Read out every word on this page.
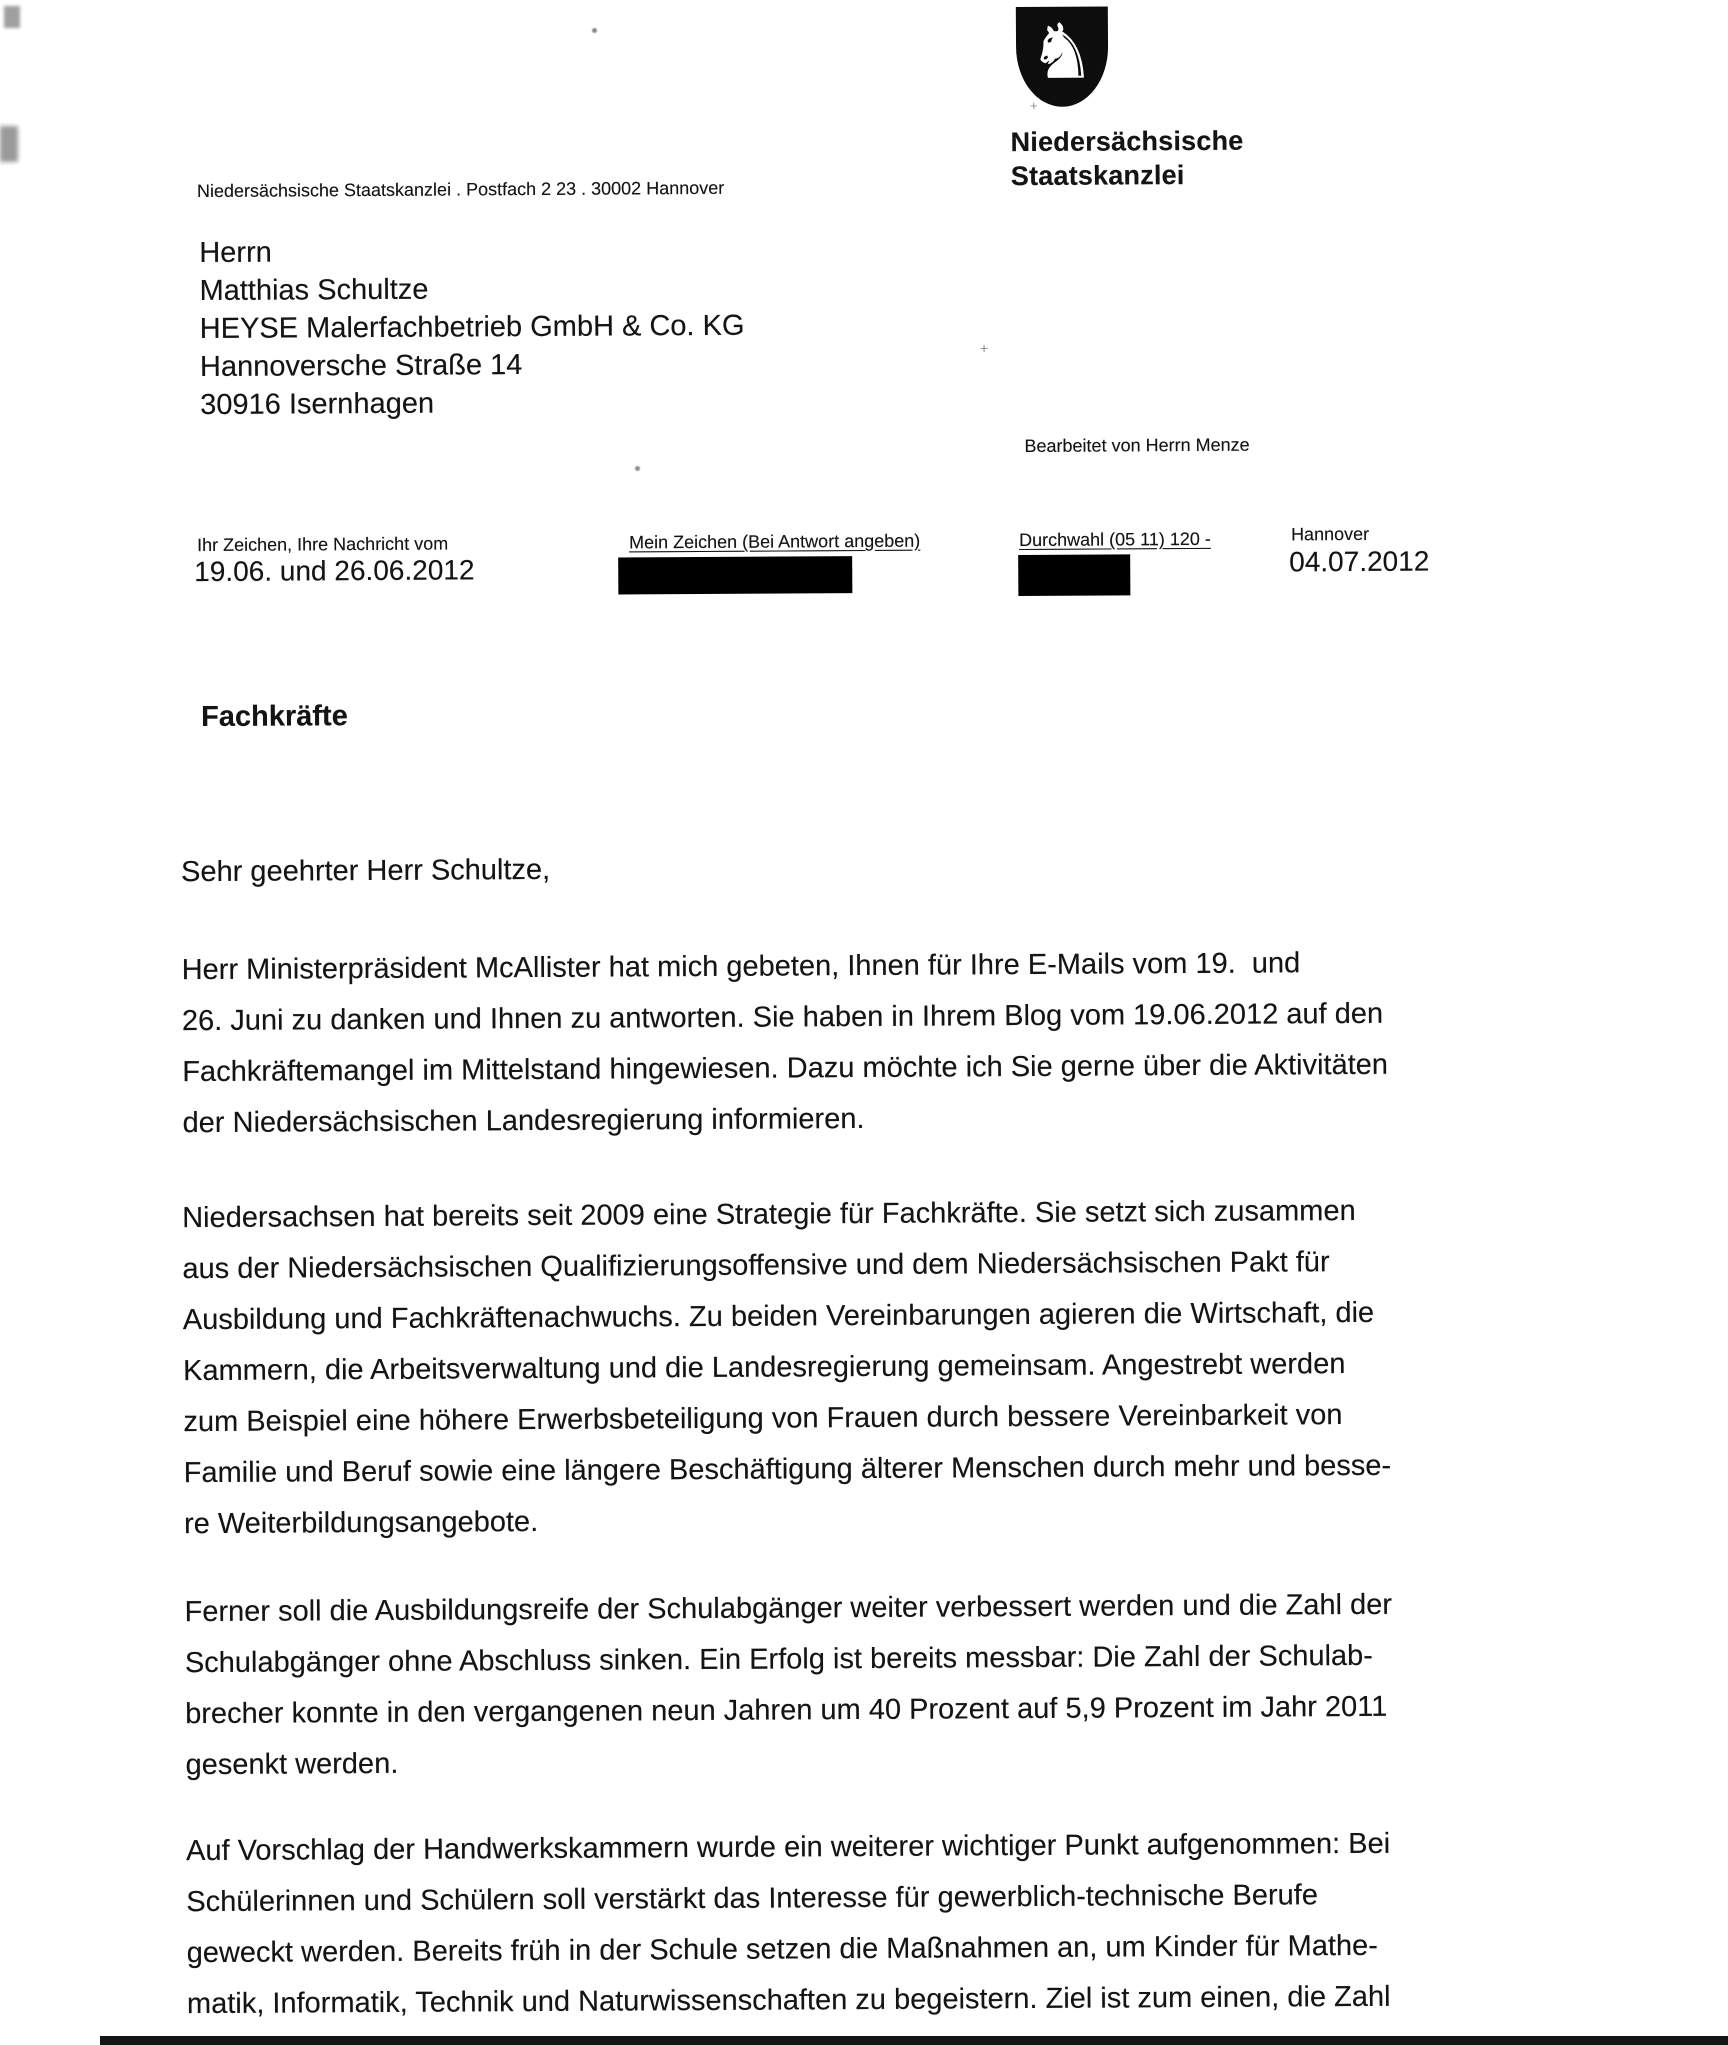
+
+
♞
Niedersächsische
Staatskanzlei
Niedersächsische Staatskanzlei . Postfach 2 23 . 30002 Hannover
Herrn
Matthias Schultze
HEYSE Malerfachbetrieb GmbH & Co. KG
Hannoversche Straße 14
30916 Isernhagen
Bearbeitet von Herrn Menze
Ihr Zeichen, Ihre Nachricht vom
19.06. und 26.06.2012
Mein Zeichen (Bei Antwort angeben)	Durchwahl (05 11) 120 -	Hannover
04.07.2012
Fachkräfte
Sehr geehrter Herr Schultze,
Herr Ministerpräsident McAllister hat mich gebeten, Ihnen für Ihre E-Mails vom 19.  und
26. Juni zu danken und Ihnen zu antworten. Sie haben in Ihrem Blog vom 19.06.2012 auf den
Fachkräftemangel im Mittelstand hingewiesen. Dazu möchte ich Sie gerne über die Aktivitäten
der Niedersächsischen Landesregierung informieren.
Niedersachsen hat bereits seit 2009 eine Strategie für Fachkräfte. Sie setzt sich zusammen
aus der Niedersächsischen Qualifizierungsoffensive und dem Niedersächsischen Pakt für
Ausbildung und Fachkräftenachwuchs. Zu beiden Vereinbarungen agieren die Wirtschaft, die
Kammern, die Arbeitsverwaltung und die Landesregierung gemeinsam. Angestrebt werden
zum Beispiel eine höhere Erwerbsbeteiligung von Frauen durch bessere Vereinbarkeit von
Familie und Beruf sowie eine längere Beschäftigung älterer Menschen durch mehr und besse-
re Weiterbildungsangebote.
Ferner soll die Ausbildungsreife der Schulabgänger weiter verbessert werden und die Zahl der
Schulabgänger ohne Abschluss sinken. Ein Erfolg ist bereits messbar: Die Zahl der Schulab-
brecher konnte in den vergangenen neun Jahren um 40 Prozent auf 5,9 Prozent im Jahr 2011
gesenkt werden.
Auf Vorschlag der Handwerkskammern wurde ein weiterer wichtiger Punkt aufgenommen: Bei
Schülerinnen und Schülern soll verstärkt das Interesse für gewerblich-technische Berufe
geweckt werden. Bereits früh in der Schule setzen die Maßnahmen an, um Kinder für Mathe-
matik, Informatik, Technik und Naturwissenschaften zu begeistern. Ziel ist zum einen, die Zahl
